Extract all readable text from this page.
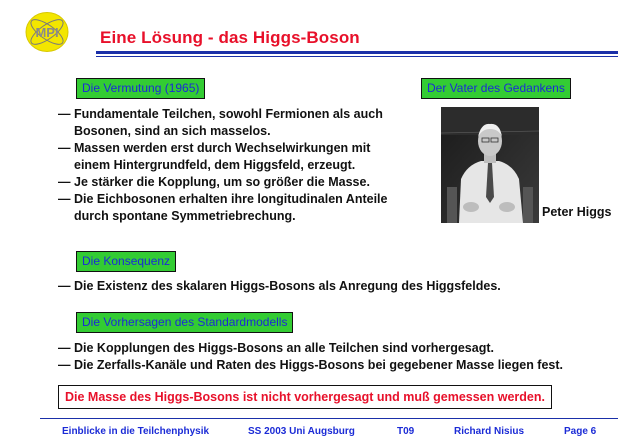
MPI Eine Lösung - das Higgs-Boson
Die Vermutung (1965)
— Fundamentale Teilchen, sowohl Fermionen als auch
Bosonen, sind an sich masselos.
— Massen werden erst durch Wechselwirkungen mit
einem Hintergrundfeld, dem Higgsfeld, erzeugt.
— Je stärker die Kopplung, um so größer die Masse.
— Die Eichbosonen erhalten ihre longitudinalen Anteile
durch spontane Symmetriebrechung.
Der Vater des Gedankens
Peter Higgs
Die Konsequenz
— Die Existenz des skalaren Higgs-Bosons als Anregung des Higgsfeldes.
Die Vorhersagen des Standardmodells
— Die Kopplungen des Higgs-Bosons an alle Teilchen sind vorhergesagt.
— Die Zerfalls-Kanäle und Raten des Higgs-Bosons bei gegebener Masse liegen fest.
Die Masse des Higgs-Bosons ist nicht vorhergesagt und muß gemessen werden.
Einblicke in die Teilchenphysik	SS 2003 Uni Augsburg	T09	Richard Nisius	Page 6
